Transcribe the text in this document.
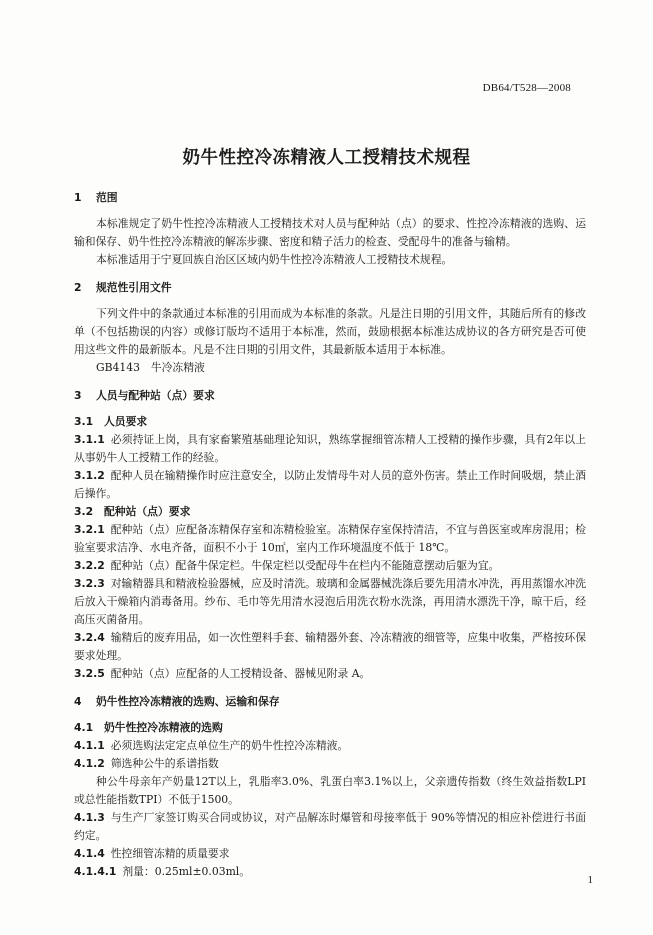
DB64/T528—2008
奶牛性控冷冻精液人工授精技术规程
1 范围

本标准规定了奶牛性控冷冻精液人工授精技术对人员与配种站（点）的要求、性控冷冻精液的选购、运输和保存、奶牛性控冷冻精液的解冻步骤、密度和精子活力的检查、受配母牛的准备与输精。

本标准适用于宁夏回族自治区区域内奶牛性控冷冻精液人工授精技术规程。

2 规范性引用文件

下列文件中的条款通过本标准的引用而成为本标准的条款。凡是注日期的引用文件，其随后所有的修改单（不包括勘误的内容）或修订版均不适用于本标准，然而，鼓励根据本标准达成协议的各方研究是否可使用这些文件的最新版本。凡是不注日期的引用文件，其最新版本适用于本标准。

GB4143　牛冷冻精液

3 人员与配种站（点）要求
3.1 人员要求

3.1.1 必须持证上岗，具有家畜繁殖基础理论知识，熟练掌握细管冻精人工授精的操作步骤，具有2年以上从事奶牛人工授精工作的经验。

3.1.2 配种人员在输精操作时应注意安全，以防止发情母牛对人员的意外伤害。禁止工作时间吸烟，禁止酒后操作。

3.2 配种站（点）要求

3.2.1 配种站（点）应配备冻精保存室和冻精检验室。冻精保存室保持清洁，不宜与兽医室或库房混用；检验室要求洁净、水电齐备，面积不小于 10㎡，室内工作环境温度不低于 18℃。

3.2.2 配种站（点）配备牛保定栏。牛保定栏以受配母牛在栏内不能随意摆动后躯为宜。

3.2.3 对输精器具和精液检验器械，应及时清洗。玻璃和金属器械洗涤后要先用清水冲洗，再用蒸馏水冲洗后放入干燥箱内消毒备用。纱布、毛巾等先用清水浸泡后用洗衣粉水洗涤，再用清水漂洗干净，晾干后，经高压灭菌备用。

3.2.4 输精后的废弃用品，如一次性塑料手套、输精器外套、冷冻精液的细管等，应集中收集，严格按环保要求处理。

3.2.5 配种站（点）应配备的人工授精设备、器械见附录 A。

4 奶牛性控冷冻精液的选购、运输和保存
4.1 奶牛性控冷冻精液的选购

4.1.1 必须选购法定定点单位生产的奶牛性控冷冻精液。

4.1.2 筛选种公牛的系谱指数

种公牛母亲年产奶量12T以上，乳脂率3.0%、乳蛋白率3.1%以上，父亲遗传指数（终生效益指数LPI或总性能指数TPI）不低于1500。

4.1.3 与生产厂家签订购买合同或协议，对产品解冻时爆管和母接率低于 90%等情况的相应补偿进行书面约定。

4.1.4 性控细管冻精的质量要求

4.1.4.1 剂量：0.25ml±0.03ml。

1
